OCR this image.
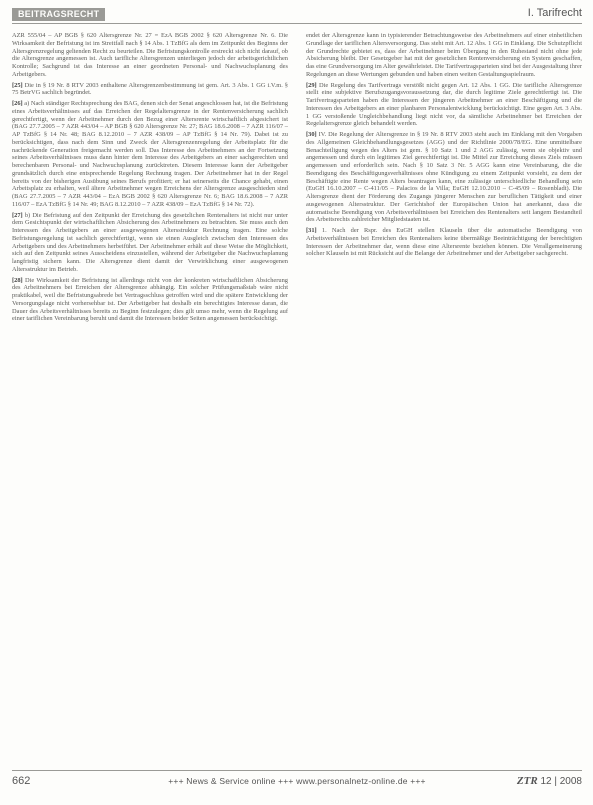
BEITRAGSRECHT	I. Tarifrecht

AZR 555/04 – AP BGB § 620 Altersgrenze Nr. 27 = EzA BGB 2002 § 620 Altersgrenze Nr. 6. Die Wirksamkeit der Befristung ist im Streitfall nach § 14 Abs. 1 TzBfG als dem im Zeitpunkt des Beginns der Altersgrenzregelung geltenden Recht zu beurteilen. Die Befristungskontrolle erstreckt sich nicht darauf, ob die Altersgrenze angemessen ist. Auch tarifliche Altersgrenzen unterliegen jedoch der arbeitsgerichtlichen Kontrolle; Sachgrund ist das Interesse an einer geordneten Personal- und Nachwuchsplanung des Arbeitgebers.

[25] Die in § 19 Nr. 8 RTV 2003 enthaltene Altersgrenzenbestimmung ist gem. Art. 3 Abs. 1 GG i.V.m. § 75 BetrVG sachlich begründet.

[26] a) Nach ständiger Rechtsprechung des BAG, denen sich der Senat angeschlossen hat, ist die Befristung eines Arbeitsverhältnisses auf das Erreichen der Regelaltersgrenze in der Rentenversicherung sachlich gerechtfertigt, wenn der Arbeitnehmer durch den Bezug einer Altersrente wirtschaftlich abgesichert ist (BAG 27.7.2005 – 7 AZR 443/04 – AP BGB § 620 Altersgrenze Nr. 27; BAG 18.6.2008 – 7 AZR 116/07 – AP TzBfG § 14 Nr. 48; BAG 8.12.2010 – 7 AZR 438/09 – AP TzBfG § 14 Nr. 79). Dabei ist zu berücksichtigen, dass nach dem Sinn und Zweck der Altersgrenzenregelung der Arbeitsplatz für die nachrückende Generation freigemacht werden soll. Das Interesse des Arbeitnehmers an der Fortsetzung seines Arbeitsverhältnisses muss dann hinter dem Interesse des Arbeitgebers an einer sachgerechten und berechenbaren Personal- und Nachwuchsplanung zurücktreten. Diesem Interesse kann der Arbeitgeber grundsätzlich durch eine entsprechende Regelung Rechnung tragen. Der Arbeitnehmer hat in der Regel bereits von der bisherigen Ausübung seines Berufs profitiert; er hat seinerseits die Chance gehabt, einen Arbeitsplatz zu erhalten, weil ältere Arbeitnehmer wegen Erreichens der Altersgrenze ausgeschieden sind (BAG 27.7.2005 – 7 AZR 443/04 – EzA BGB 2002 § 620 Altersgrenze Nr. 6; BAG 18.6.2008 – 7 AZR 116/07 – EzA TzBfG § 14 Nr. 49; BAG 8.12.2010 – 7 AZR 438/09 – EzA TzBfG § 14 Nr. 72).

[27] b) Die Befristung auf den Zeitpunkt der Erreichung des gesetzlichen Rentenalters ist nicht nur unter dem Gesichtspunkt der wirtschaftlichen Absicherung des Arbeitnehmers zu betrachten. Sie muss auch den Interessen des Arbeitgebers an einer ausgewogenen Altersstruktur Rechnung tragen. Eine solche Befristungsregelung ist sachlich gerechtfertigt, wenn sie einen Ausgleich zwischen den Interessen des Arbeitgebers und des Arbeitnehmers herbeiführt. Der Arbeitnehmer erhält auf diese Weise die Möglichkeit, sich auf den Zeitpunkt seines Ausscheidens einzustellen, während der Arbeitgeber die Nachwuchsplanung langfristig sichern kann. Die Altersgrenze dient damit der Verwirklichung einer ausgewogenen Altersstruktur im Betrieb.

[28] Die Wirksamkeit der Befristung ist allerdings nicht von der konkreten wirtschaftlichen Absicherung des Arbeitnehmers bei Erreichen der Altersgrenze abhängig. Ein solcher Prüfungsmaßstab wäre nicht praktikabel, weil die Befristungsabrede bei Vertragsschluss getroffen wird und die spätere Entwicklung der Versorgungslage nicht vorhersehbar ist. Der Arbeitgeber hat deshalb ein berechtigtes Interesse daran, die Dauer des Arbeitsverhältnisses bereits zu Beginn festzulegen; dies gilt umso mehr, wenn die Regelung auf einer tariflichen Vereinbarung beruht und damit die Interessen beider Seiten angemessen berücksichtigt.

endet der Altersgrenze kann in typisierender Betrachtungsweise des Arbeitnehmers auf einer einheitlichen Grundlage der tariflichen Altersversorgung. Das steht mit Art. 12 Abs. 1 GG in Einklang. Die Schutzpflicht der Grundrechte gebietet es, dass der Arbeitnehmer beim Übergang in den Ruhestand nicht ohne jede Absicherung bleibt. Der Gesetzgeber hat mit der gesetzlichen Rentenversicherung ein System geschaffen, das eine Grundversorgung im Alter gewährleistet. Die Tarifvertragsparteien sind bei der Ausgestaltung ihrer Regelungen an diese Wertungen gebunden und haben einen weiten Gestaltungsspielraum.

[29] Die Regelung des Tarifvertrags verstößt nicht gegen Art. 12 Abs. 1 GG. Die tarifliche Altersgrenze stellt eine subjektive Berufszugangsvoraussetzung dar, die durch legitime Ziele gerechtfertigt ist. Die Tarifvertragsparteien haben die Interessen der jüngeren Arbeitnehmer an einer Beschäftigung und die Interessen des Arbeitgebers an einer planbaren Personalentwicklung berücksichtigt. Eine gegen Art. 3 Abs. 1 GG verstoßende Ungleichbehandlung liegt nicht vor, da sämtliche Arbeitnehmer bei Erreichen der Regelaltersgrenze gleich behandelt werden.

[30] IV. Die Regelung der Altersgrenze in § 19 Nr. 8 RTV 2003 steht auch im Einklang mit den Vorgaben des Allgemeinen Gleichbehandlungsgesetzes (AGG) und der Richtlinie 2000/78/EG. Eine unmittelbare Benachteiligung wegen des Alters ist gem. § 10 Satz 1 und 2 AGG zulässig, wenn sie objektiv und angemessen und durch ein legitimes Ziel gerechtfertigt ist. Die Mittel zur Erreichung dieses Ziels müssen angemessen und erforderlich sein. Nach § 10 Satz 3 Nr. 5 AGG kann eine Vereinbarung, die die Beendigung des Beschäftigungsverhältnisses ohne Kündigung zu einem Zeitpunkt vorsieht, zu dem der Beschäftigte eine Rente wegen Alters beantragen kann, eine zulässige unterschiedliche Behandlung sein (EuGH 16.10.2007 – C-411/05 – Palacios de la Villa; EuGH 12.10.2010 – C-45/09 – Rosenbladt). Die Altersgrenze dient der Förderung des Zugangs jüngerer Menschen zur beruflichen Tätigkeit und einer ausgewogenen Altersstruktur. Der Gerichtshof der Europäischen Union hat anerkannt, dass die automatische Beendigung von Arbeitsverhältnissen bei Erreichen des Rentenalters seit langem Bestandteil des Arbeitsrechts zahlreicher Mitgliedstaaten ist.

[31] 1. Nach der Rspr. des EuGH stellen Klauseln über die automatische Beendigung von Arbeitsverhältnissen bei Erreichen des Rentenalters keine übermäßige Beeinträchtigung der berechtigten Interessen der Arbeitnehmer dar, wenn diese eine Altersrente beziehen können. Die Verallgemeinerung solcher Klauseln ist mit Rücksicht auf die Belange der Arbeitnehmer und der Arbeitgeber sachgerecht.

662	+++ News & Service online +++ www.personalnetz-online.de +++	ZTR 12 | 2008
